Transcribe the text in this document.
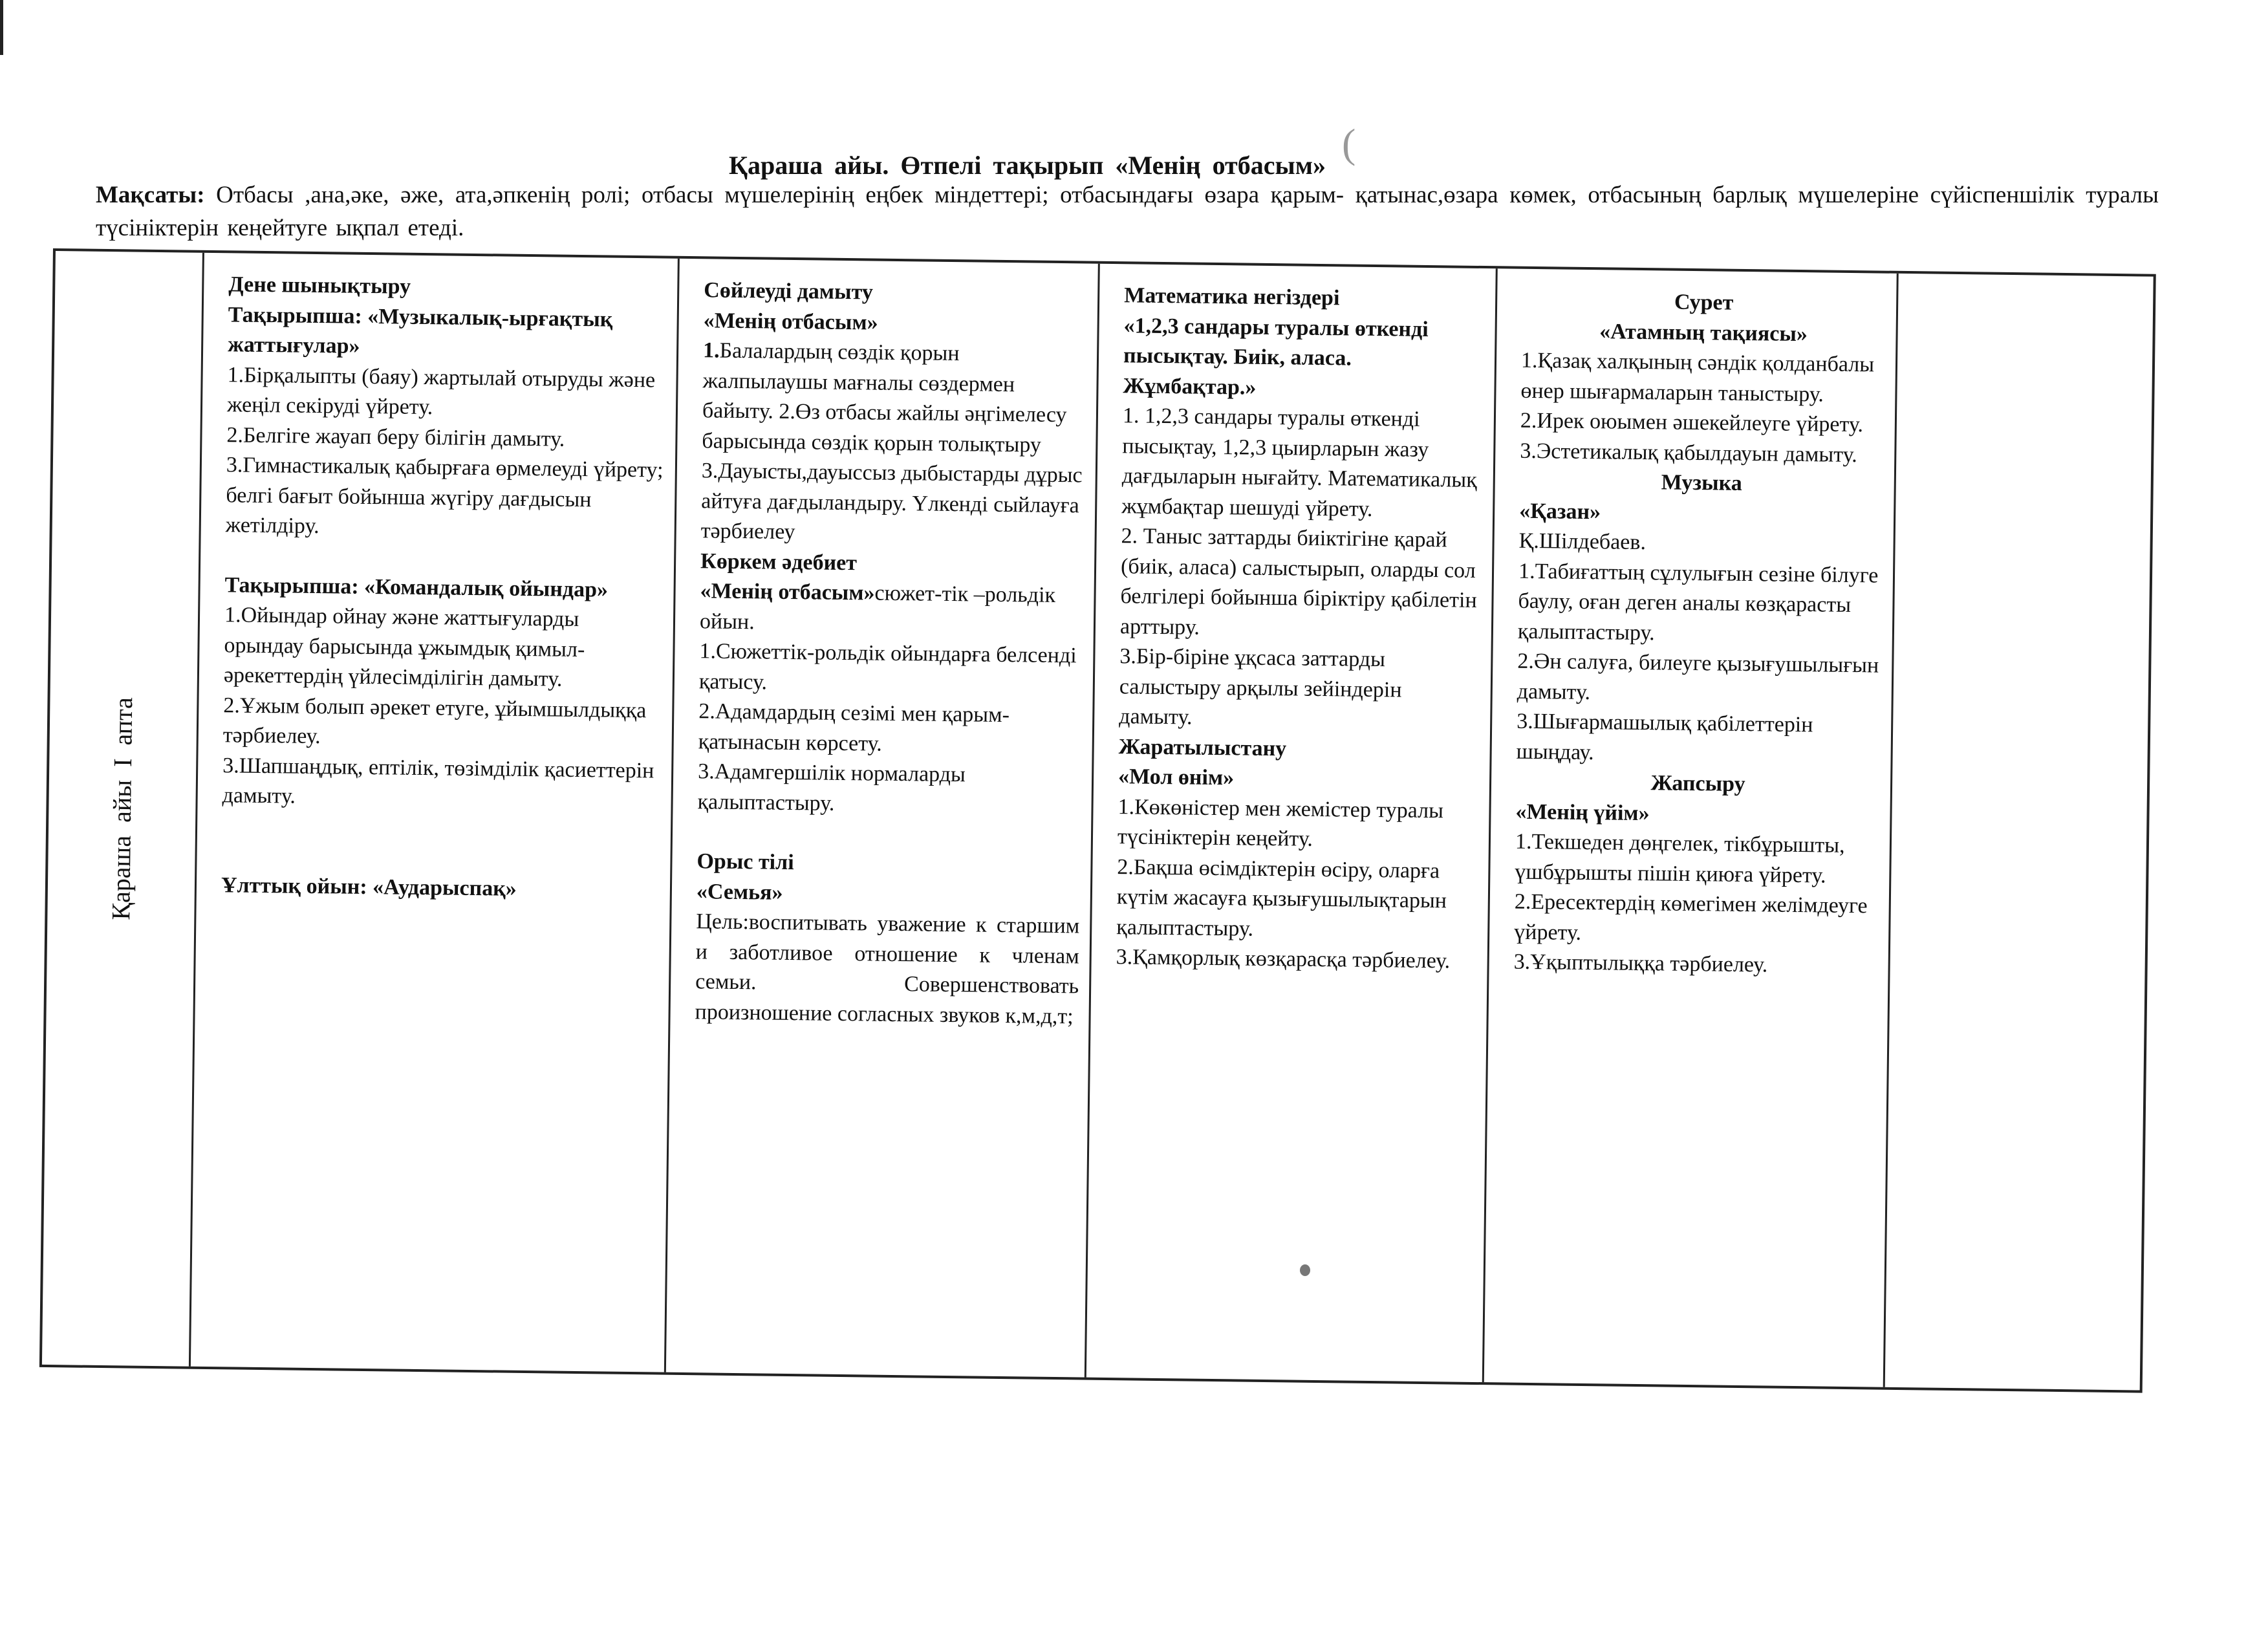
(
Қараша айы. Өтпелі тақырып «Менің отбасым»
Мақсаты: Отбасы ,ана,әке, әже, ата,әпкенің ролі; отбасы мүшелерінің еңбек міндеттері; отбасындағы өзара қарым- қатынас,өзара көмек, отбасының барлық мүшелеріне сүйіспеншілік туралы түсініктерін кеңейтуге ықпал етеді.
Қараша айы І апта
Дене шынықтыру
Тақырыпша: «Музыкалық-ырғақтық жаттығулар»
1.Бірқалыпты (баяу) жартылай отыруды және жеңіл секіруді үйрету.
2.Белгіге жауап беру білігін дамыту.
3.Гимнастикалық қабырғаға өрмелеуді үйрету; белгі бағыт бойынша жүгіру дағдысын жетілдіру.
Тақырыпша: «Командалық ойындар»
1.Ойындар ойнау және жаттығуларды орындау барысында ұжымдық қимыл-әрекеттердің үйлесімділігін дамыту.
2.Ұжым болып әрекет етуге, ұйымшылдыққа тәрбиелеу.
3.Шапшаңдық, ептілік, төзімділік қасиеттерін дамыту.
Ұлттық ойын: «Аударыспақ»
Сөйлеуді дамыту
«Менің отбасым»
1.Балалардың сөздік қорын жалпылаушы мағналы сөздермен байыту. 2.Өз отбасы жайлы әңгімелесу барысында сөздік қорын толықтыру
3.Дауысты,дауыссыз дыбыстарды дұрыс айтуға дағдыландыру. Үлкенді сыйлауға тәрбиелеу
Көркем әдебиет
«Менің отбасым»сюжет-тік –рольдік ойын.
1.Сюжеттік-рольдік ойындарға белсенді қатысу.
2.Адамдардың сезімі мен қарым-қатынасын көрсету.
3.Адамгершілік нормаларды қалыптастыру.
Орыс тілі
«Семья»
Цель:воспитывать уважение к старшим и заботливое отношение к членам семьи. Совершенствовать произношение согласных звуков к,м,д,т;
Математика негіздері
«1,2,3 сандары туралы өткенді пысықтау. Биік, аласа. Жұмбақтар.»
1. 1,2,3 сандары туралы өткенді пысықтау, 1,2,3 цыирларын жазу дағдыларын нығайту. Математикалық жұмбақтар шешуді үйрету.
2. Таныс заттарды биіктігіне қарай (биік, аласа) салыстырып, оларды сол белгілері бойынша біріктіру қабілетін арттыру.
3.Бір-біріне ұқсаса заттарды салыстыру арқылы зейіндерін дамыту.
Жаратылыстану
«Мол өнім»
1.Көкөністер мен жемістер туралы түсініктерін кеңейту.
2.Бақша өсімдіктерін өсіру, оларға күтім жасауға қызығушылықтарын қалыптастыру.
3.Қамқорлық көзқарасқа тәрбиелеу.
Сурет
«Атамның тақиясы»
1.Қазақ халқының сәндік қолданбалы өнер шығармаларын таныстыру.
2.Ирек оюымен әшекейлеуге үйрету.
3.Эстетикалық қабылдауын дамыту.
Музыка
«Қазан»
Қ.Шілдебаев.
1.Табиғаттың сұлулығын сезіне білуге баулу, оған деген аналы көзқарасты қалыптастыру.
2.Ән салуға, билеуге қызығушылығын дамыту.
3.Шығармашылық қабілеттерін шыңдау.
Жапсыру
«Менің үйім»
1.Текшеден дөңгелек, тікбұрышты, үшбұрышты пішін қиюға үйрету.
2.Ересектердің көмегімен желімдеуге үйрету.
3.Ұқыптылыққа тәрбиелеу.
